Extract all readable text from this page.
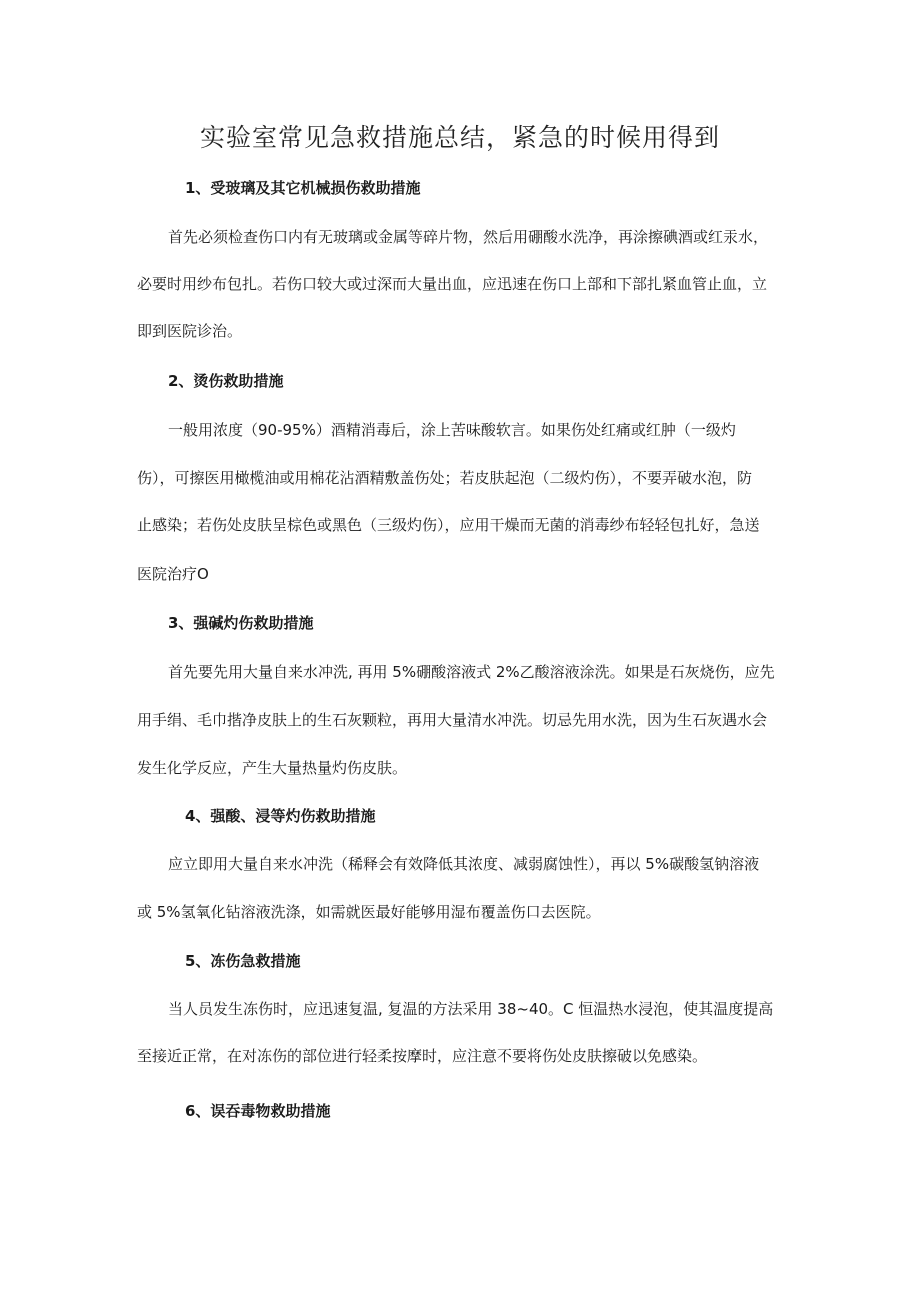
实验室常见急救措施总结，紧急的时候用得到
1、受玻璃及其它机械损伤救助措施
首先必须检查伤口内有无玻璃或金属等碎片物，然后用硼酸水洗净，再涂擦碘酒或红汞水，
必要时用纱布包扎。若伤口较大或过深而大量出血，应迅速在伤口上部和下部扎紧血管止血，立
即到医院诊治。
2、烫伤救助措施
一般用浓度（90-95%）酒精消毒后，涂上苦味酸软言。如果伤处红痛或红肿（一级灼
伤），可擦医用橄榄油或用棉花沾酒精敷盖伤处；若皮肤起泡（二级灼伤），不要弄破水泡，防
止感染；若伤处皮肤呈棕色或黑色（三级灼伤），应用干燥而无菌的消毒纱布轻轻包扎好，急送
医院治疗O
3、强碱灼伤救助措施
首先要先用大量自来水冲洗, 再用 5%硼酸溶液式 2%乙酸溶液涂洗。如果是石灰烧伤，应先
用手绢、毛巾揩净皮肤上的生石灰颗粒，再用大量清水冲洗。切忌先用水洗，因为生石灰遇水会
发生化学反应，产生大量热量灼伤皮肤。
4、强酸、浸等灼伤救助措施
应立即用大量自来水冲洗（稀释会有效降低其浓度、减弱腐蚀性），再以 5%碳酸氢钠溶液
或 5%氢氧化钻溶液洗涤，如需就医最好能够用湿布覆盖伤口去医院。
5、冻伤急救措施
当人员发生冻伤时，应迅速复温, 复温的方法采用 38~40。C 恒温热水浸泡，使其温度提高
至接近正常，在对冻伤的部位进行轻柔按摩时，应注意不要将伤处皮肤擦破以免感染。
6、误吞毒物救助措施
